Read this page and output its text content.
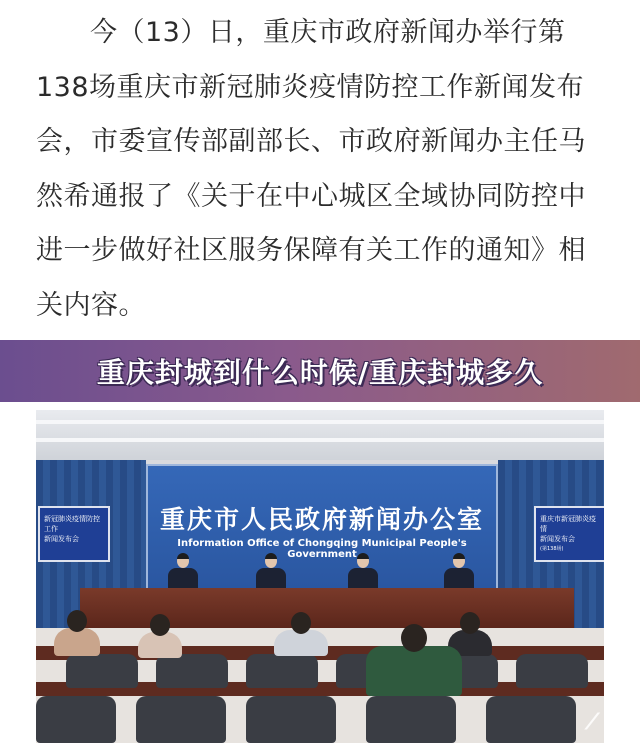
今（13）日，重庆市政府新闻办举行第138场重庆市新冠肺炎疫情防控工作新闻发布会，市委宣传部副部长、市政府新闻办主任马然希通报了《关于在中心城区全域协同防控中进一步做好社区服务保障有关工作的通知》相关内容。

重庆封城到什么时候/重庆封城多久
新冠肺炎疫情防控工作
新闻发布会
重庆市新冠肺炎疫情
新闻发布会
(第138场)
重庆市人民政府新闻办公室
Information Office of Chongqing Municipal People's Government
⁄​
